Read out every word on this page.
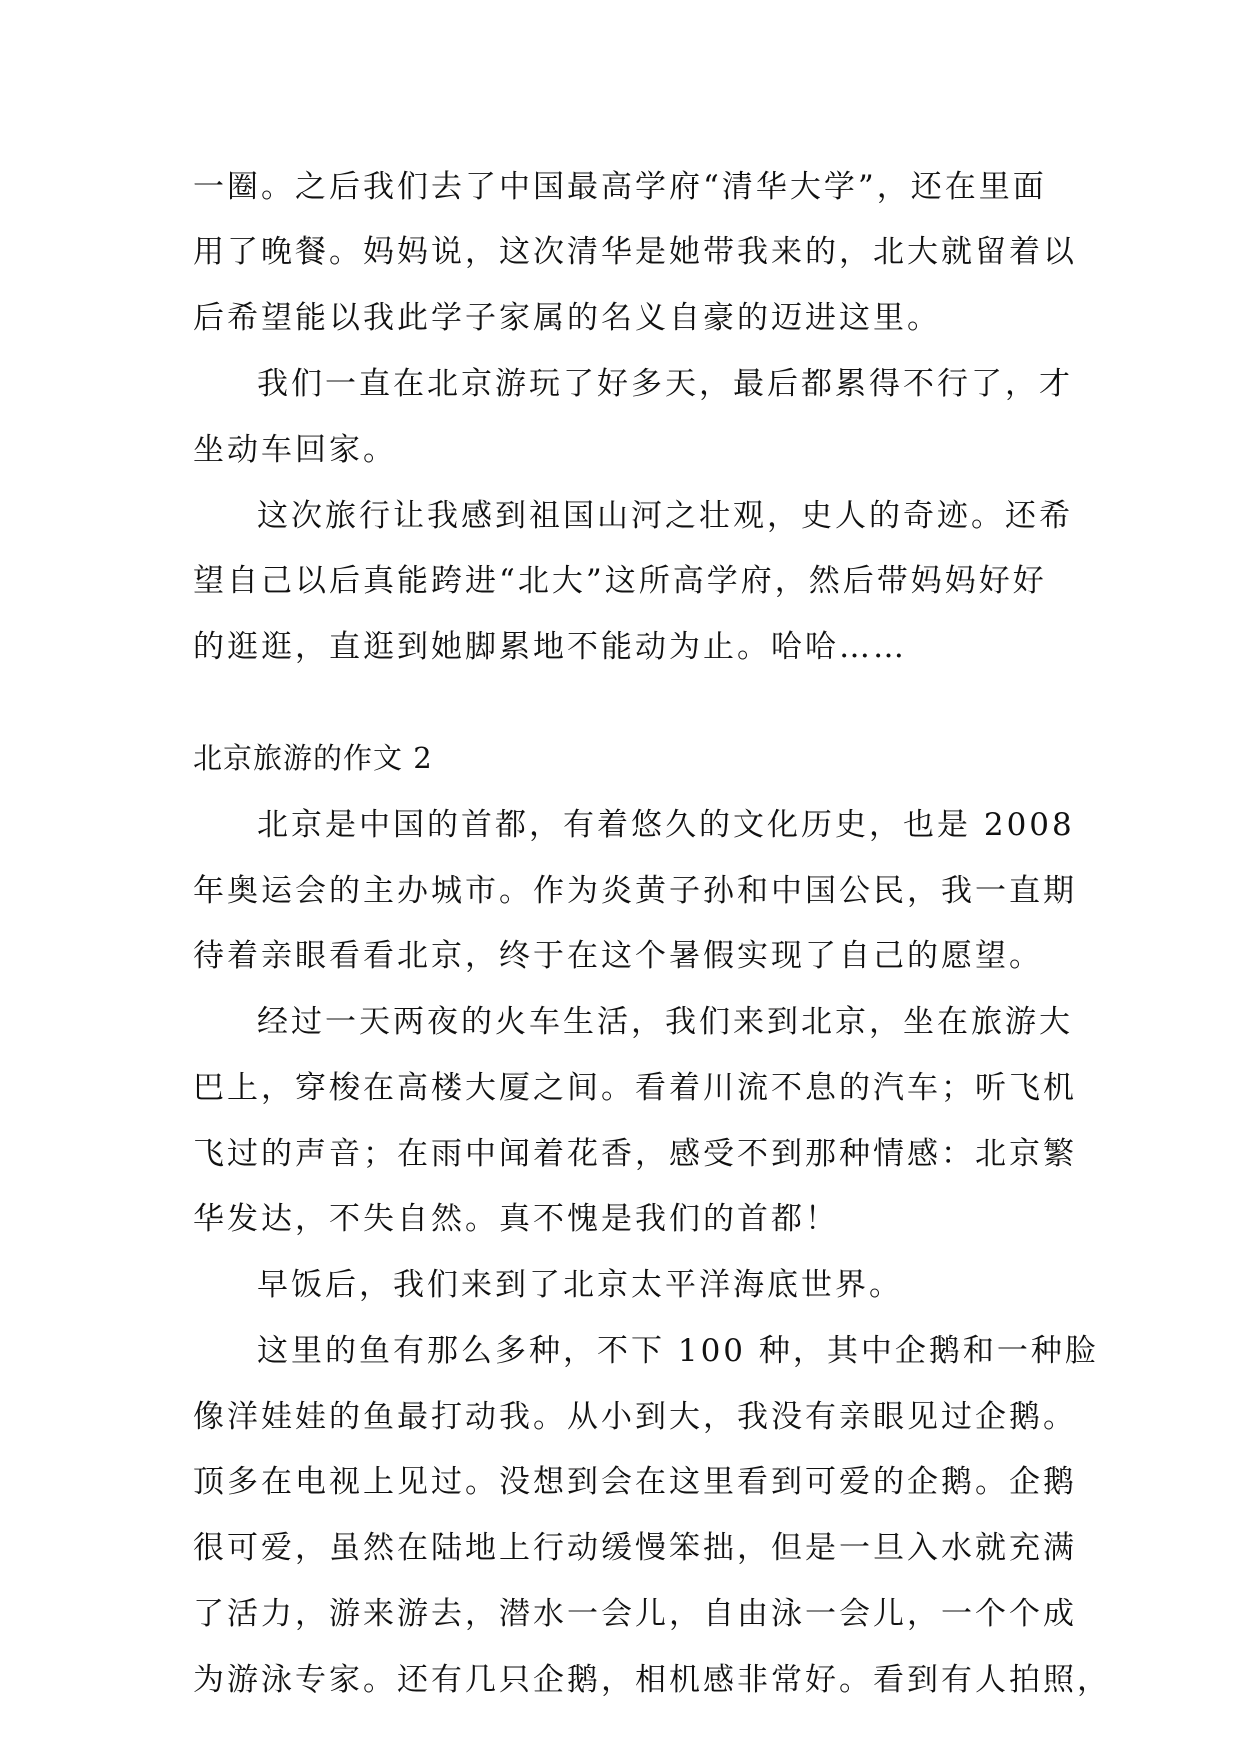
一圈。之后我们去了中国最高学府“清华大学”，还在里面
用了晚餐。妈妈说，这次清华是她带我来的，北大就留着以
后希望能以我此学子家属的名义自豪的迈进这里。
我们一直在北京游玩了好多天，最后都累得不行了，才
坐动车回家。
这次旅行让我感到祖国山河之壮观，史人的奇迹。还希
望自己以后真能跨进“北大”这所高学府，然后带妈妈好好
的逛逛，直逛到她脚累地不能动为止。哈哈……
北京旅游的作文 2
北京是中国的首都，有着悠久的文化历史，也是 2008
年奥运会的主办城市。作为炎黄子孙和中国公民，我一直期
待着亲眼看看北京，终于在这个暑假实现了自己的愿望。
经过一天两夜的火车生活，我们来到北京，坐在旅游大
巴上，穿梭在高楼大厦之间。看着川流不息的汽车；听飞机
飞过的声音；在雨中闻着花香，感受不到那种情感：北京繁
华发达，不失自然。真不愧是我们的首都！
早饭后，我们来到了北京太平洋海底世界。
这里的鱼有那么多种，不下 100 种，其中企鹅和一种脸
像洋娃娃的鱼最打动我。从小到大，我没有亲眼见过企鹅。
顶多在电视上见过。没想到会在这里看到可爱的企鹅。企鹅
很可爱，虽然在陆地上行动缓慢笨拙，但是一旦入水就充满
了活力，游来游去，潜水一会儿，自由泳一会儿，一个个成
为游泳专家。还有几只企鹅，相机感非常好。看到有人拍照，
